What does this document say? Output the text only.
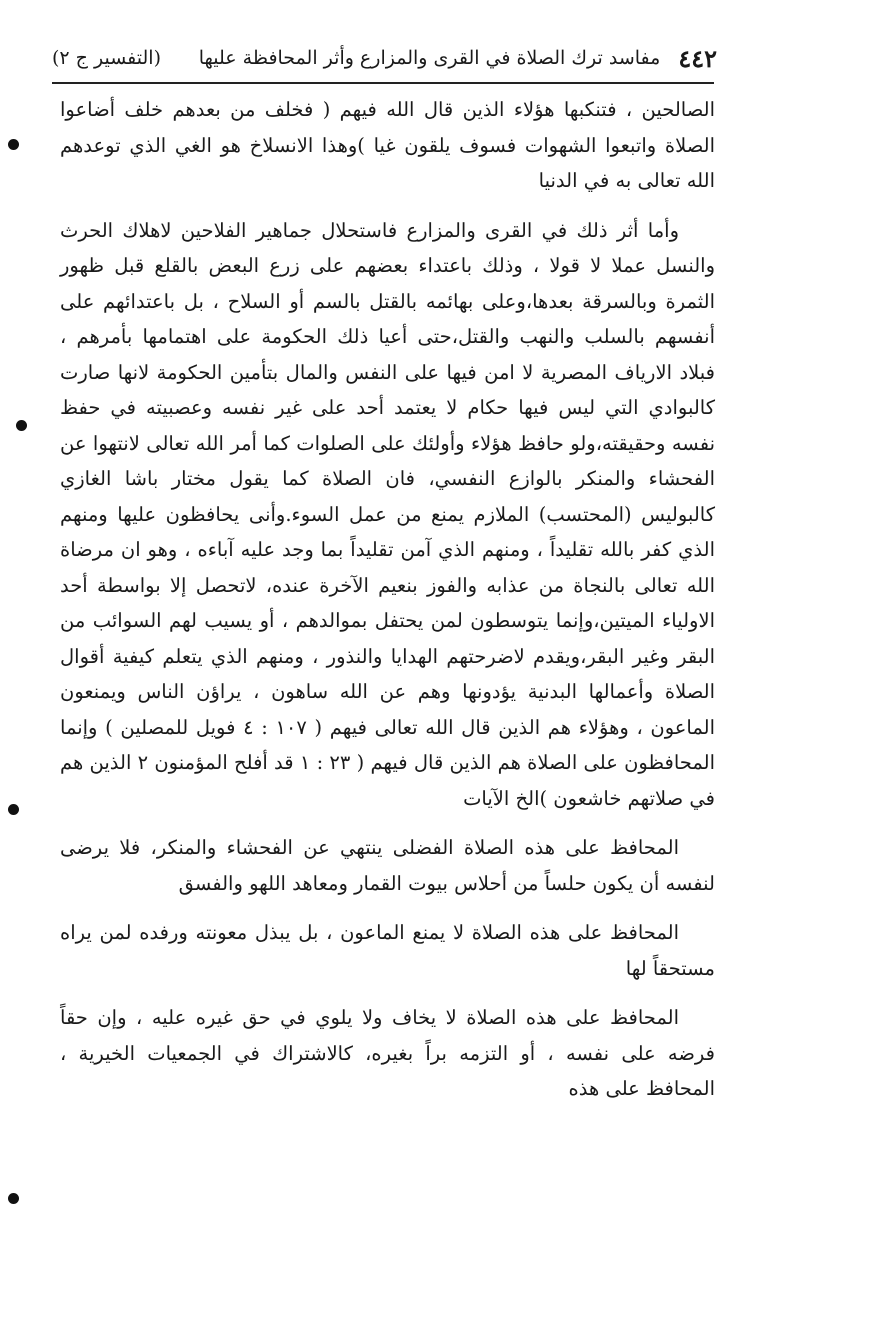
٤٤٢
مفاسد ترك الصلاة في القرى والمزارع وأثر المحافظة عليها
(التفسير ج ٢)

الصالحين ، فتنكبها هؤلاء الذين قال الله فيهم ( فخلف من بعدهم خلف أضاعوا الصلاة واتبعوا الشهوات فسوف يلقون غيا )وهذا الانسلاخ هو الغي الذي توعدهم الله تعالى به في الدنيا

وأما أثر ذلك في القرى والمزارع فاستحلال جماهير الفلاحين لاهلاك الحرث والنسل عملا لا قولا ، وذلك باعتداء بعضهم على زرع البعض بالقلع قبل ظهور الثمرة وبالسرقة بعدها،وعلى بهائمه بالقتل بالسم أو السلاح ، بل باعتدائهم على أنفسهم بالسلب والنهب والقتل،حتى أعيا ذلك الحكومة على اهتمامها بأمرهم ، فبلاد الارياف المصرية لا امن فيها على النفس والمال بتأمين الحكومة لانها صارت كالبوادي التي ليس فيها حكام لا يعتمد أحد على غير نفسه وعصبيته في حفظ نفسه وحقيقته،ولو حافظ هؤلاء وأولئك على الصلوات كما أمر الله تعالى لانتهوا عن الفحشاء والمنكر بالوازع النفسي، فان الصلاة كما يقول مختار باشا الغازي كالبوليس (المحتسب) الملازم يمنع من عمل السوء.وأنى يحافظون عليها ومنهم الذي كفر بالله تقليداً ، ومنهم الذي آمن تقليداً بما وجد عليه آباءه ، وهو ان مرضاة الله تعالى بالنجاة من عذابه والفوز بنعيم الآخرة عنده، لاتحصل إلا بواسطة أحد الاولياء الميتين،وإنما يتوسطون لمن يحتفل بموالدهم ، أو يسيب لهم السوائب من البقر وغير البقر،ويقدم لاضرحتهم الهدايا والنذور ، ومنهم الذي يتعلم كيفية أقوال الصلاة وأعمالها البدنية يؤدونها وهم عن الله ساهون ، يراؤن الناس ويمنعون الماعون ، وهؤلاء هم الذين قال الله تعالى فيهم ( ١٠٧ : ٤ فويل للمصلين ) وإنما المحافظون على الصلاة هم الذين قال فيهم ( ٢٣ : ١ قد أفلح المؤمنون ٢ الذين هم في صلاتهم خاشعون )الخ الآيات

المحافظ على هذه الصلاة الفضلى ينتهي عن الفحشاء والمنكر، فلا يرضى لنفسه أن يكون حلساً من أحلاس بيوت القمار ومعاهد اللهو والفسق

المحافظ على هذه الصلاة لا يمنع الماعون ، بل يبذل معونته ورفده لمن يراه مستحقاً لها

المحافظ على هذه الصلاة لا يخاف ولا يلوي في حق غيره عليه ، وإن حقاً فرضه على نفسه ، أو التزمه براً بغيره، كالاشتراك في الجمعيات الخيرية ، المحافظ على هذه
